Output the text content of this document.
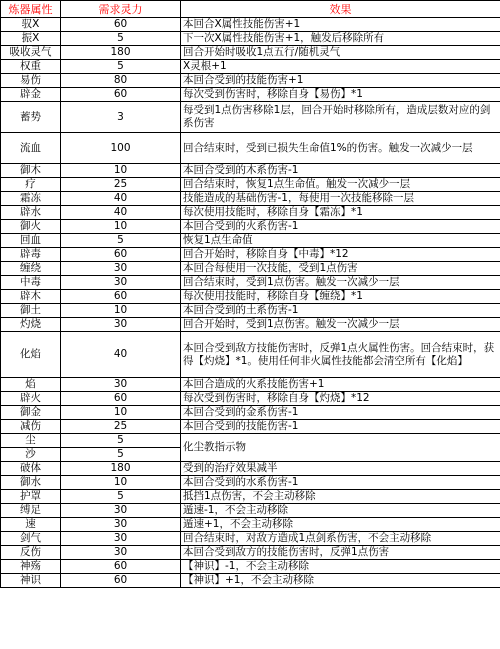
炼器属性	需求灵力	效果
驭X	60	本回合X属性技能伤害+1
振X	5	下一次X属性技能伤害+1，触发后移除所有
吸收灵气	180	回合开始时吸收1点五行/随机灵气
权重	5	X灵根+1
易伤	80	本回合受到的技能伤害+1
辟金	60	每次受到伤害时，移除自身【易伤】*1
蓄势	3	每受到1点伤害移除1层，回合开始时移除所有，造成层数对应的剑系伤害
流血	100	回合结束时，受到已损失生命值1%的伤害。触发一次减少一层
御木	10	本回合受到的木系伤害-1
疗	25	回合结束时，恢复1点生命值。触发一次减少一层
霜冻	40	技能造成的基础伤害-1，每使用一次技能移除一层
辟水	40	每次使用技能时，移除自身【霜冻】*1
御火	10	本回合受到的火系伤害-1
回血	5	恢复1点生命值
辟毒	60	回合开始时，移除自身【中毒】*12
缠绕	30	本回合每使用一次技能，受到1点伤害
中毒	30	回合结束时，受到1点伤害。触发一次减少一层
辟木	60	每次使用技能时，移除自身【缠绕】*1
御土	10	本回合受到的土系伤害-1
灼烧	30	回合开始时，受到1点伤害。触发一次减少一层
化焰	40	本回合受到敌方技能伤害时，反弹1点火属性伤害。回合结束时，获得【灼烧】*1。使用任何非火属性技能都会清空所有【化焰】
焰	30	本回合造成的火系技能伤害+1
辟火	60	每次受到伤害时，移除自身【灼烧】*12
御金	10	本回合受到的金系伤害-1
减伤	25	本回合受到的技能伤害-1
尘	5	化尘教指示物
沙	5	
破体	180	受到的治疗效果减半
御水	10	本回合受到的水系伤害-1
护罩	5	抵挡1点伤害，不会主动移除
缚足	30	遁速-1，不会主动移除
速	30	遁速+1，不会主动移除
剑气	30	回合结束时，对敌方造成1点剑系伤害，不会主动移除
反伤	30	本回合受到敌方的技能伤害时，反弹1点伤害
神殇	60	【神识】-1，不会主动移除
神识	60	【神识】+1，不会主动移除
